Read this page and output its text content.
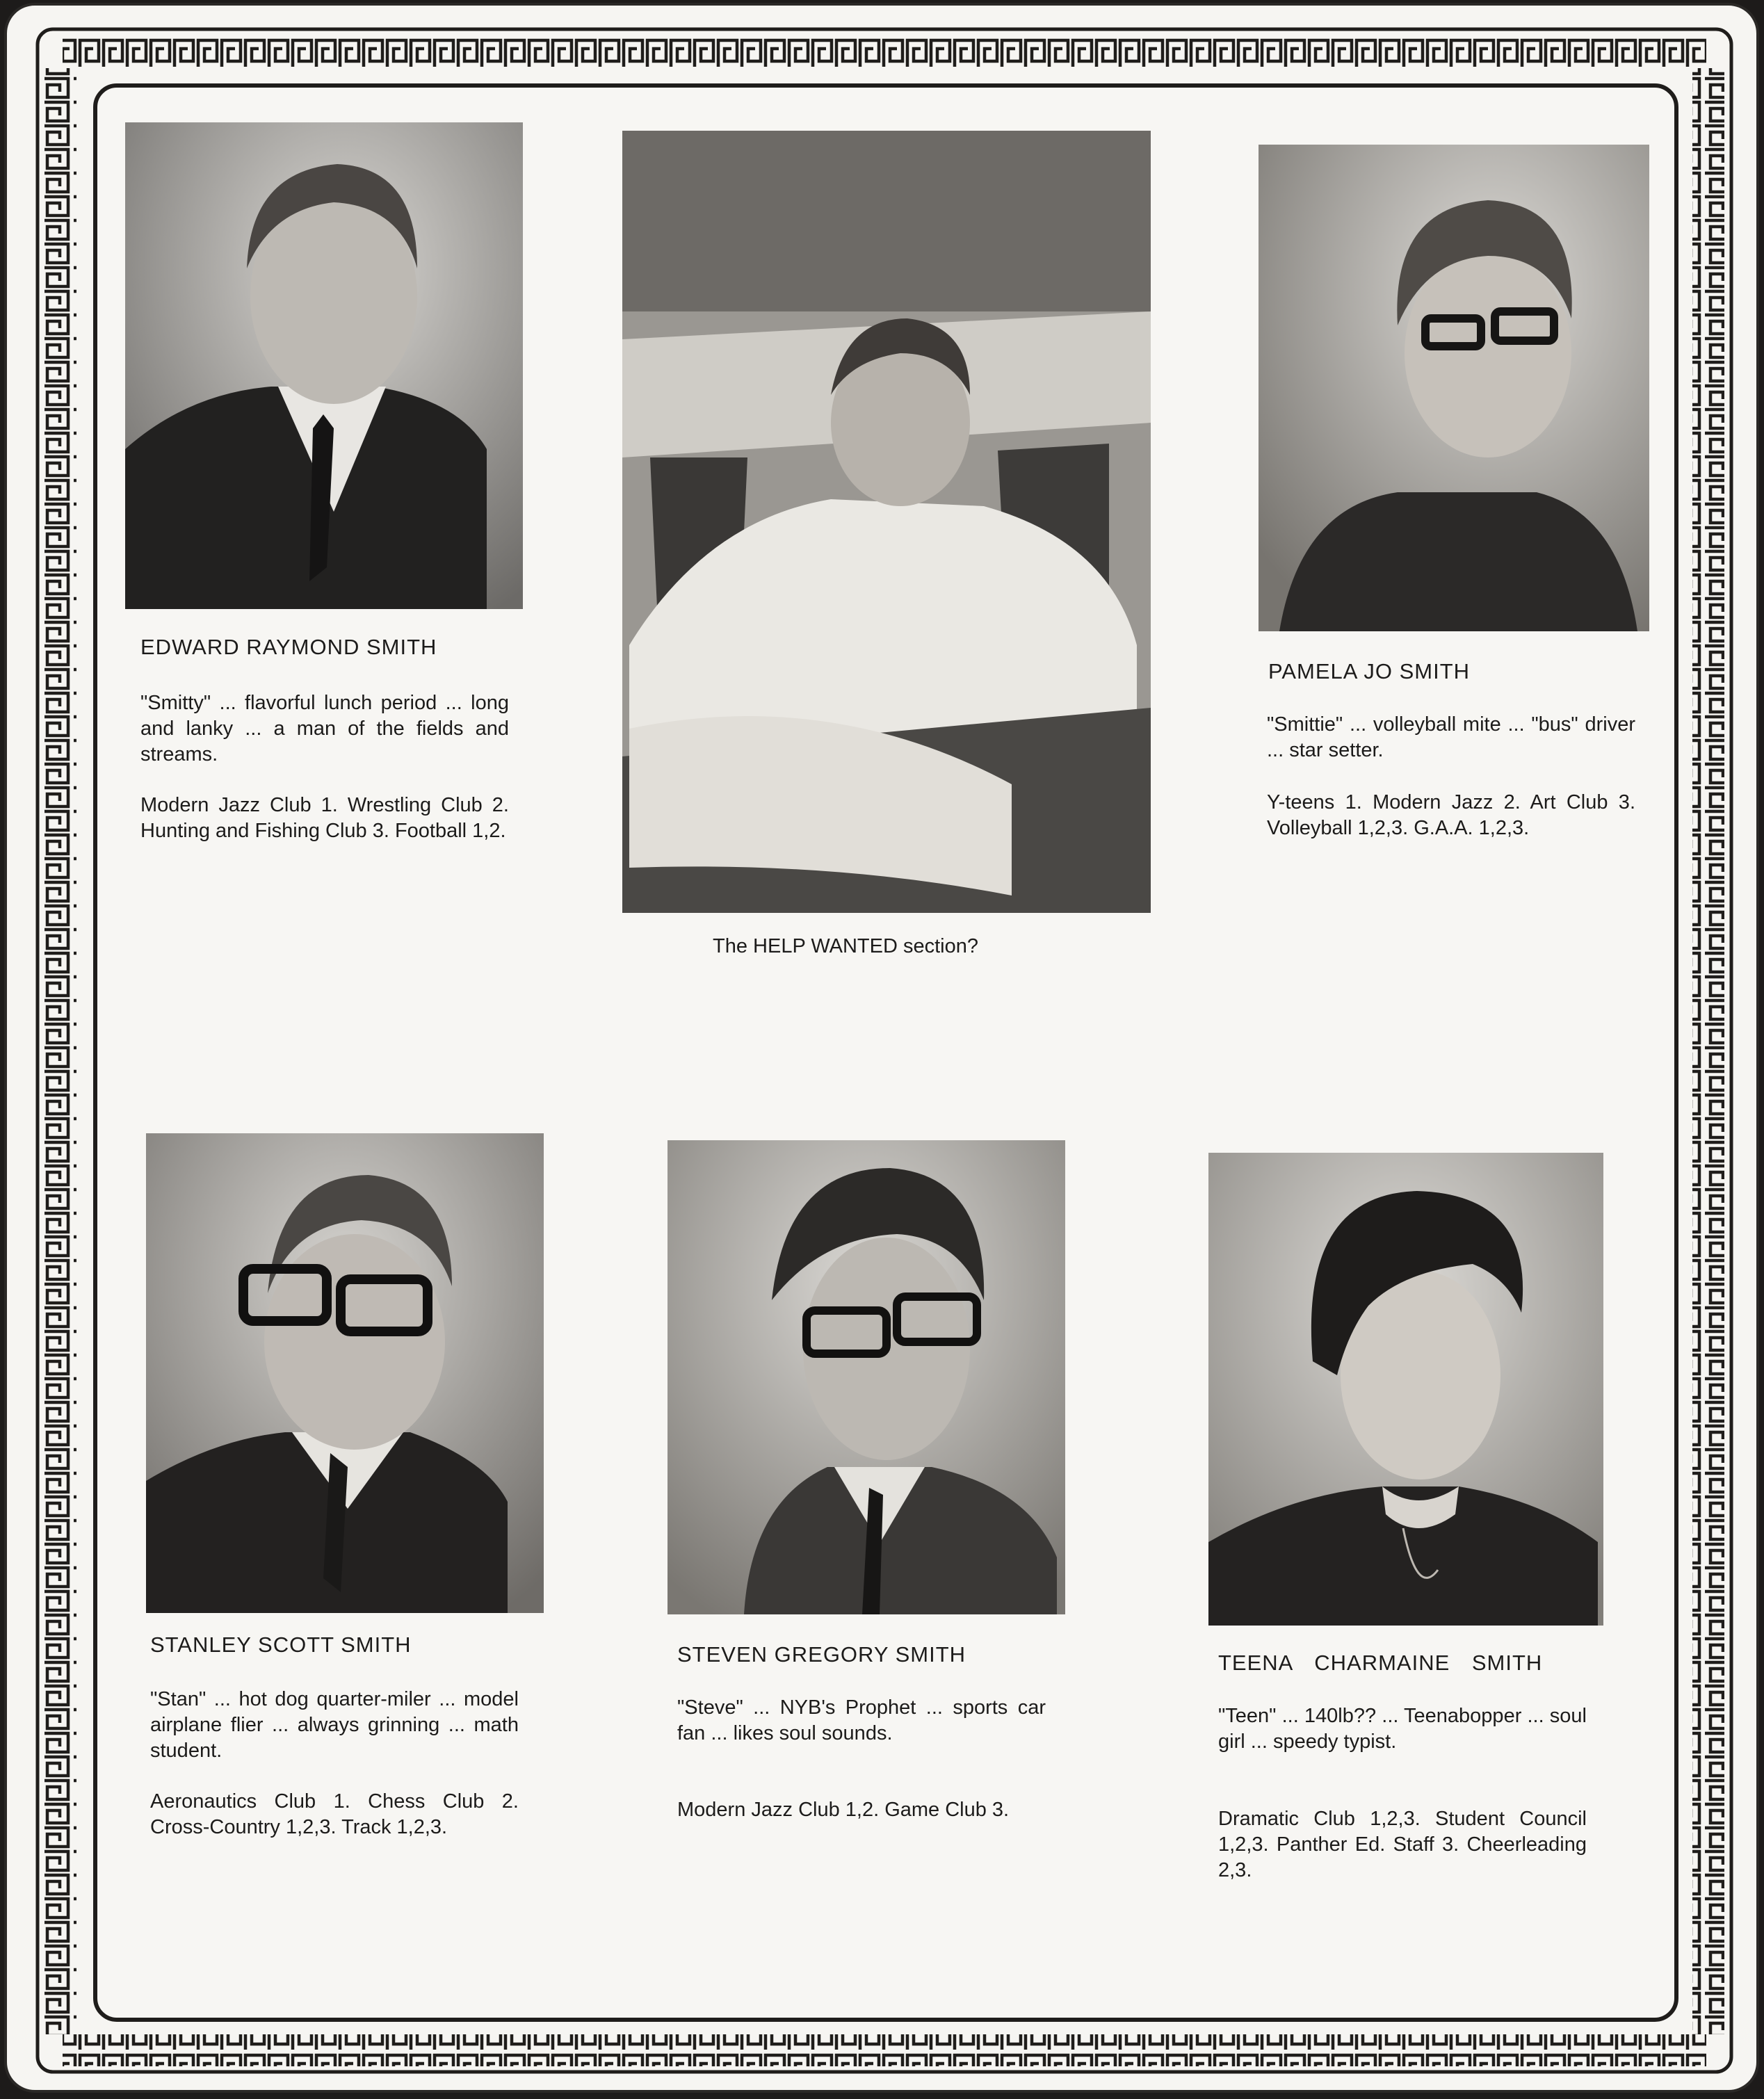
EDWARD RAYMOND SMITH

"Smitty" ... flavorful lunch period ... long and lanky ... a man of the fields and streams.

Modern Jazz Club 1. Wrestling Club 2. Hunting and Fishing Club 3. Football 1,2.

The HELP WANTED section?
PAMELA JO SMITH

"Smittie" ... volleyball mite ... "bus" driver ... star setter.

Y-teens 1. Modern Jazz 2. Art Club 3. Volleyball 1,2,3. G.A.A. 1,2,3.

STANLEY SCOTT SMITH

"Stan" ... hot dog quarter-miler ... model airplane flier ... always grinning ... math student.

Aeronautics Club 1. Chess Club 2. Cross-Country 1,2,3. Track 1,2,3.

STEVEN GREGORY SMITH

"Steve" ... NYB's Prophet ... sports car fan ... likes soul sounds.

Modern Jazz Club 1,2. Game Club 3.

TEENA CHARMAINE SMITH

"Teen" ... 140lb?? ... Teenabopper ... soul girl ... speedy typist.

Dramatic Club 1,2,3. Student Council 1,2,3. Panther Ed. Staff 3. Cheerleading 2,3.
